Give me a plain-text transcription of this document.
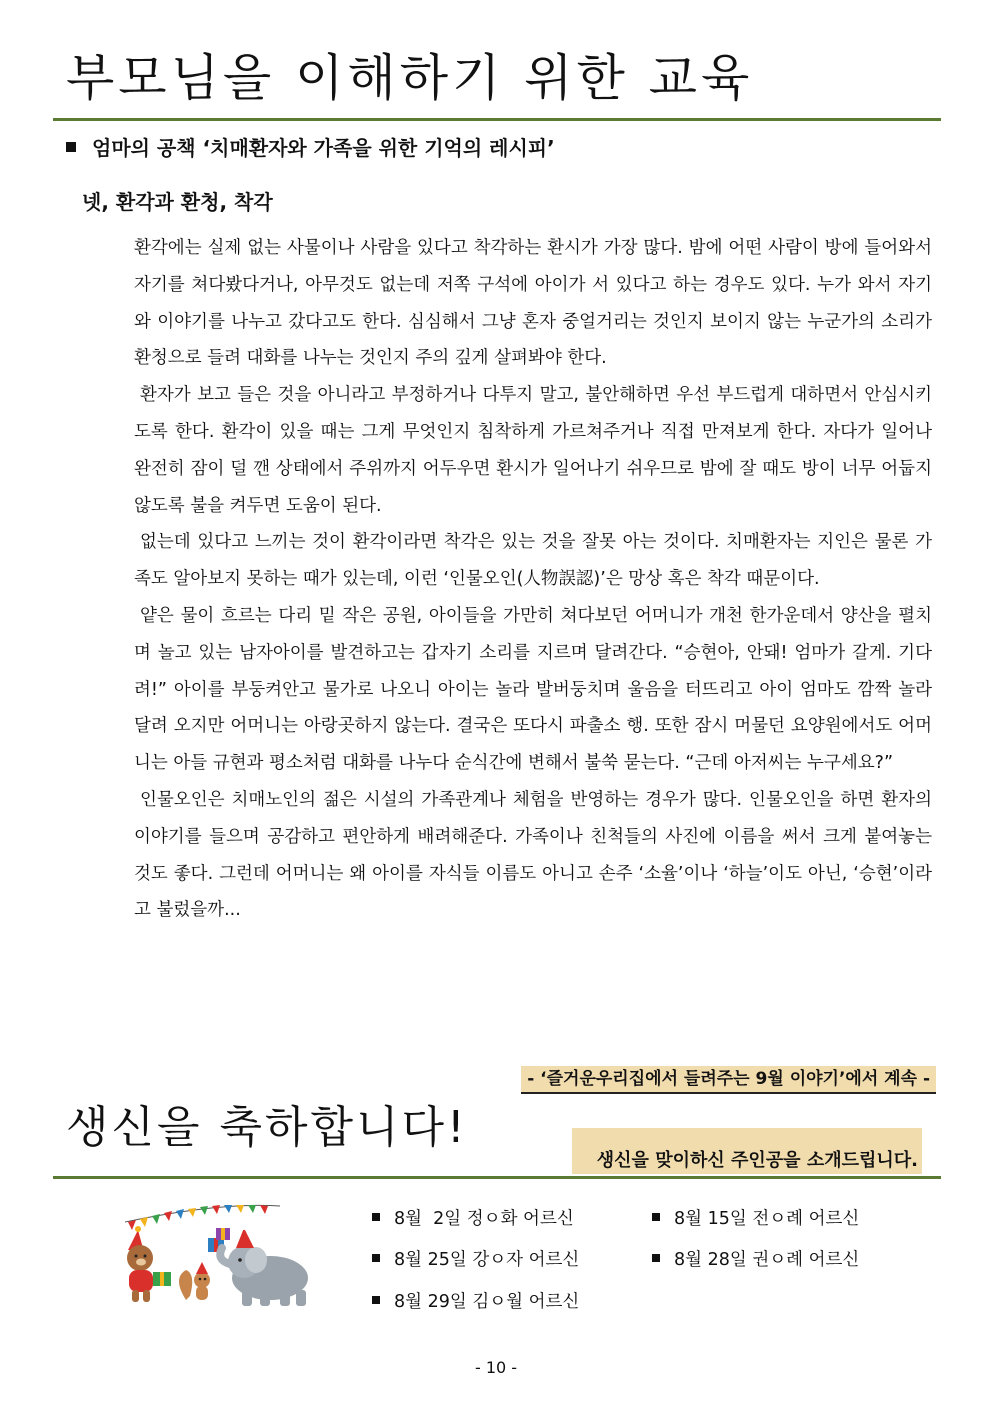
부모님을 이해하기 위한 교육
엄마의 공책 ‘치매환자와 가족을 위한 기억의 레시피’
넷, 환각과 환청, 착각

환각에는 실제 없는 사물이나 사람을 있다고 착각하는 환시가 가장 많다. 밤에 어떤 사람이 방에 들어와서 자기를 쳐다봤다거나, 아무것도 없는데 저쪽 구석에 아이가 서 있다고 하는 경우도 있다. 누가 와서 자기와 이야기를 나누고 갔다고도 한다. 심심해서 그냥 혼자 중얼거리는 것인지 보이지 않는 누군가의 소리가 환청으로 들려 대화를 나누는 것인지 주의 깊게 살펴봐야 한다.

환자가 보고 들은 것을 아니라고 부정하거나 다투지 말고, 불안해하면 우선 부드럽게 대하면서 안심시키도록 한다. 환각이 있을 때는 그게 무엇인지 침착하게 가르쳐주거나 직접 만져보게 한다. 자다가 일어나 완전히 잠이 덜 깬 상태에서 주위까지 어두우면 환시가 일어나기 쉬우므로 밤에 잘 때도 방이 너무 어둡지 않도록 불을 켜두면 도움이 된다.

없는데 있다고 느끼는 것이 환각이라면 착각은 있는 것을 잘못 아는 것이다. 치매환자는 지인은 물론 가족도 알아보지 못하는 때가 있는데, 이런 ‘인물오인(人物誤認)’은 망상 혹은 착각 때문이다.

얕은 물이 흐르는 다리 밑 작은 공원, 아이들을 가만히 쳐다보던 어머니가 개천 한가운데서 양산을 펼치며 놀고 있는 남자아이를 발견하고는 갑자기 소리를 지르며 달려간다. “승현아, 안돼! 엄마가 갈게. 기다려!” 아이를 부둥켜안고 물가로 나오니 아이는 놀라 발버둥치며 울음을 터뜨리고 아이 엄마도 깜짝 놀라 달려 오지만 어머니는 아랑곳하지 않는다. 결국은 또다시 파출소 행. 또한 잠시 머물던 요양원에서도 어머니는 아들 규현과 평소처럼 대화를 나누다 순식간에 변해서 불쑥 묻는다. “근데 아저씨는 누구세요?”

인물오인은 치매노인의 젊은 시설의 가족관계나 체험을 반영하는 경우가 많다. 인물오인을 하면 환자의 이야기를 들으며 공감하고 편안하게 배려해준다. 가족이나 친척들의 사진에 이름을 써서 크게 붙여놓는 것도 좋다. 그런데 어머니는 왜 아이를 자식들 이름도 아니고 손주 ‘소율’이나 ‘하늘’이도 아닌, ‘승현’이라고 불렀을까...

- ‘즐거운우리집에서 들려주는 9월 이야기’에서 계속 -
생신을 축하합니다!
생신을 맞이하신 주인공을 소개드립니다.
8월  2일 정ㅇ화 어르신	8월 15일 전ㅇ례 어르신
8월 25일 강ㅇ자 어르신	8월 28일 권ㅇ례 어르신
8월 29일 김ㅇ월 어르신
- 10 -
